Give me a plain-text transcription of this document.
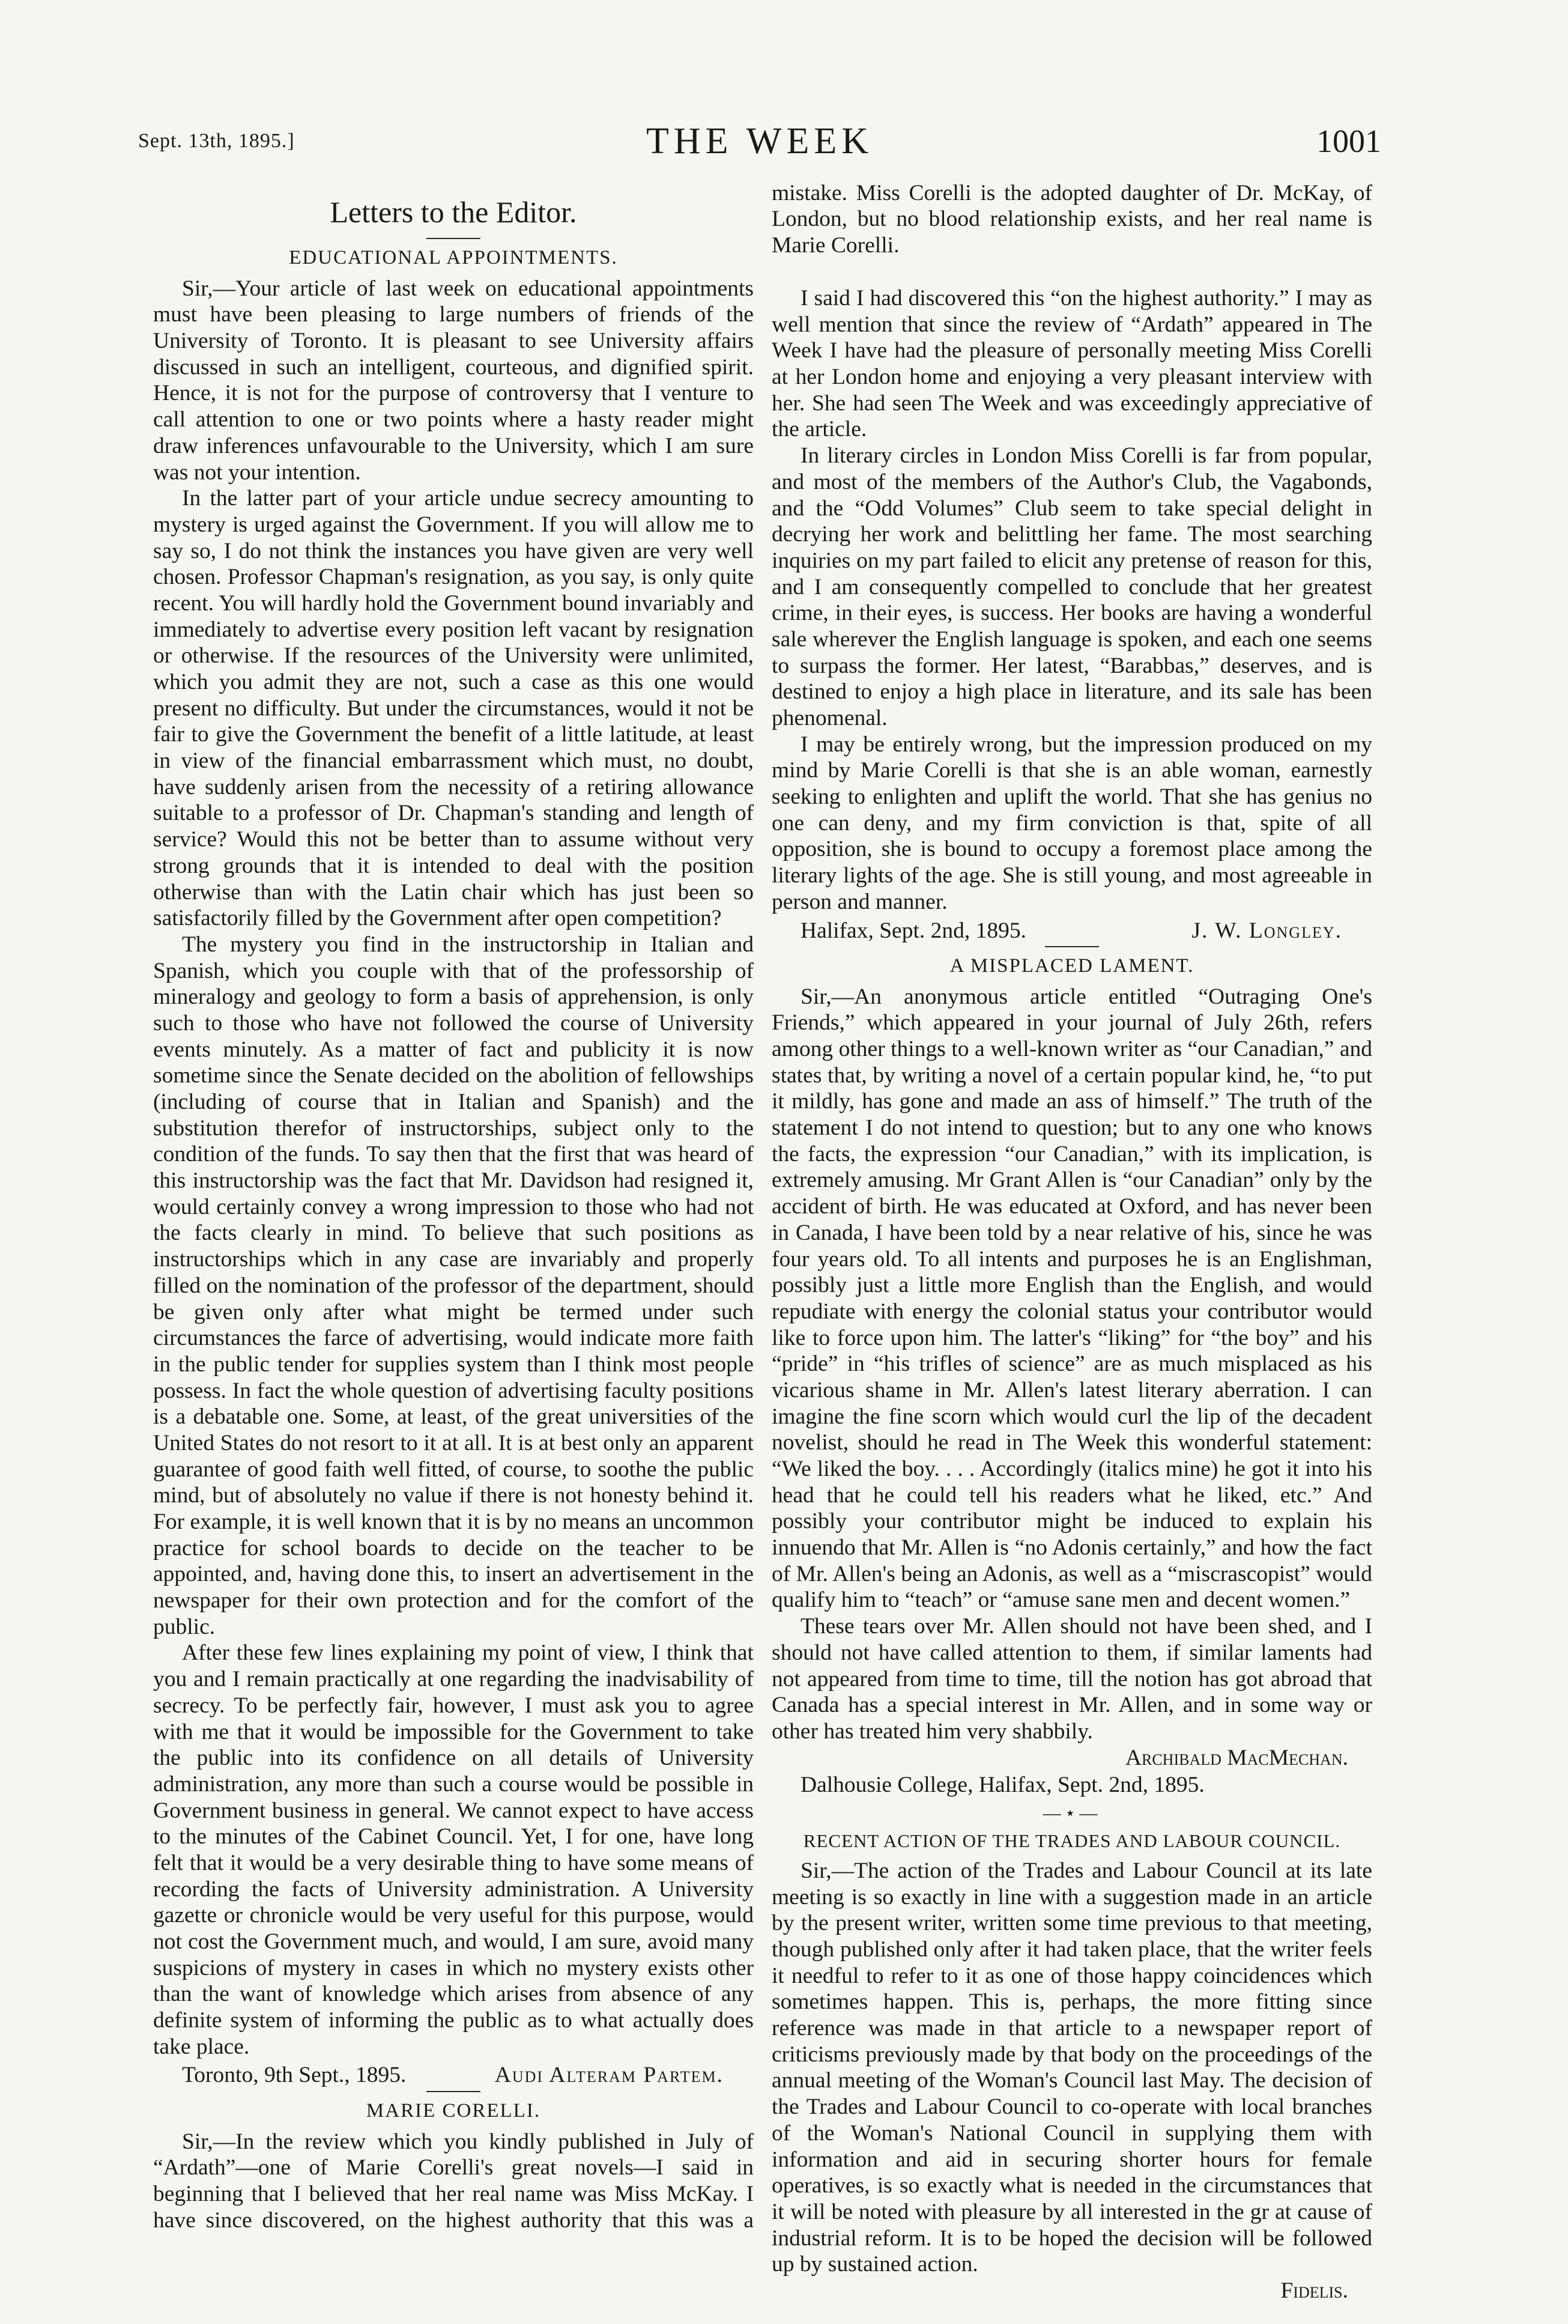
Sept. 13th, 1895.]	THE WEEK	1001
Letters to the Editor.
EDUCATIONAL APPOINTMENTS.

Sir,—Your article of last week on educational appointments must have been pleasing to large numbers of friends of the University of Toronto. It is pleasant to see University affairs discussed in such an intelligent, courteous, and dignified spirit. Hence, it is not for the purpose of controversy that I venture to call attention to one or two points where a hasty reader might draw inferences unfavourable to the University, which I am sure was not your intention.

In the latter part of your article undue secrecy amounting to mystery is urged against the Government. If you will allow me to say so, I do not think the instances you have given are very well chosen. Professor Chapman's resignation, as you say, is only quite recent. You will hardly hold the Government bound invariably and immediately to advertise every position left vacant by resignation or otherwise. If the resources of the University were unlimited, which you admit they are not, such a case as this one would present no difficulty. But under the circumstances, would it not be fair to give the Government the benefit of a little latitude, at least in view of the financial embarrassment which must, no doubt, have suddenly arisen from the necessity of a retiring allowance suitable to a professor of Dr. Chapman's standing and length of service? Would this not be better than to assume without very strong grounds that it is intended to deal with the position otherwise than with the Latin chair which has just been so satisfactorily filled by the Government after open competition?

The mystery you find in the instructorship in Italian and Spanish, which you couple with that of the professorship of mineralogy and geology to form a basis of apprehension, is only such to those who have not followed the course of University events minutely. As a matter of fact and publicity it is now sometime since the Senate decided on the abolition of fellowships (including of course that in Italian and Spanish) and the substitution therefor of instructorships, subject only to the condition of the funds. To say then that the first that was heard of this instructorship was the fact that Mr. Davidson had resigned it, would certainly convey a wrong impression to those who had not the facts clearly in mind. To believe that such positions as instructorships which in any case are invariably and properly filled on the nomination of the professor of the department, should be given only after what might be termed under such circumstances the farce of advertising, would indicate more faith in the public tender for supplies system than I think most people possess. In fact the whole question of advertising faculty positions is a debatable one. Some, at least, of the great universities of the United States do not resort to it at all. It is at best only an apparent guarantee of good faith well fitted, of course, to soothe the public mind, but of absolutely no value if there is not honesty behind it. For example, it is well known that it is by no means an uncommon practice for school boards to decide on the teacher to be appointed, and, having done this, to insert an advertisement in the newspaper for their own protection and for the comfort of the public.

After these few lines explaining my point of view, I think that you and I remain practically at one regarding the inadvisability of secrecy. To be perfectly fair, however, I must ask you to agree with me that it would be impossible for the Government to take the public into its confidence on all details of University administration, any more than such a course would be possible in Government business in general. We cannot expect to have access to the minutes of the Cabinet Council. Yet, I for one, have long felt that it would be a very desirable thing to have some means of recording the facts of University administration. A University gazette or chronicle would be very useful for this purpose, would not cost the Government much, and would, I am sure, avoid many suspicions of mystery in cases in which no mystery exists other than the want of knowledge which arises from absence of any definite system of informing the public as to what actually does take place.

Toronto, 9th Sept., 1895.	Audi Alteram Partem.
MARIE CORELLI.

Sir,—In the review which you kindly published in July of “Ardath”—one of Marie Corelli's great novels—I said in beginning that I believed that her real name was Miss McKay. I have since discovered, on the highest authority that this was a

mistake. Miss Corelli is the adopted daughter of Dr. McKay, of London, but no blood relationship exists, and her real name is Marie Corelli.

I said I had discovered this “on the highest authority.” I may as well mention that since the review of “Ardath” appeared in The Week I have had the pleasure of personally meeting Miss Corelli at her London home and enjoying a very pleasant interview with her. She had seen The Week and was exceedingly appreciative of the article.

In literary circles in London Miss Corelli is far from popular, and most of the members of the Author's Club, the Vagabonds, and the “Odd Volumes” Club seem to take special delight in decrying her work and belittling her fame. The most searching inquiries on my part failed to elicit any pretense of reason for this, and I am consequently compelled to conclude that her greatest crime, in their eyes, is success. Her books are having a wonderful sale wherever the English language is spoken, and each one seems to surpass the former. Her latest, “Barabbas,” deserves, and is destined to enjoy a high place in literature, and its sale has been phenomenal.

I may be entirely wrong, but the impression produced on my mind by Marie Corelli is that she is an able woman, earnestly seeking to enlighten and uplift the world. That she has genius no one can deny, and my firm conviction is that, spite of all opposition, she is bound to occupy a foremost place among the literary lights of the age. She is still young, and most agreeable in person and manner.

Halifax, Sept. 2nd, 1895.	J. W. Longley.
A MISPLACED LAMENT.

Sir,—An anonymous article entitled “Outraging One's Friends,” which appeared in your journal of July 26th, refers among other things to a well-known writer as “our Canadian,” and states that, by writing a novel of a certain popular kind, he, “to put it mildly, has gone and made an ass of himself.” The truth of the statement I do not intend to question; but to any one who knows the facts, the expression “our Canadian,” with its implication, is extremely amusing. Mr Grant Allen is “our Canadian” only by the accident of birth. He was educated at Oxford, and has never been in Canada, I have been told by a near relative of his, since he was four years old. To all intents and purposes he is an Englishman, possibly just a little more English than the English, and would repudiate with energy the colonial status your contributor would like to force upon him. The latter's “liking” for “the boy” and his “pride” in “his trifles of science” are as much misplaced as his vicarious shame in Mr. Allen's latest literary aberration. I can imagine the fine scorn which would curl the lip of the decadent novelist, should he read in The Week this wonderful statement: “We liked the boy. . . . Accordingly (italics mine) he got it into his head that he could tell his readers what he liked, etc.” And possibly your contributor might be induced to explain his innuendo that Mr. Allen is “no Adonis certainly,” and how the fact of Mr. Allen's being an Adonis, as well as a “miscrascopist” would qualify him to “teach” or “amuse sane men and decent women.”

These tears over Mr. Allen should not have been shed, and I should not have called attention to them, if similar laments had not appeared from time to time, till the notion has got abroad that Canada has a special interest in Mr. Allen, and in some way or other has treated him very shabbily.

Archibald MacMechan.

Dalhousie College, Halifax, Sept. 2nd, 1895.

—⋆—
RECENT ACTION OF THE TRADES AND LABOUR COUNCIL.

Sir,—The action of the Trades and Labour Council at its late meeting is so exactly in line with a suggestion made in an article by the present writer, written some time previous to that meeting, though published only after it had taken place, that the writer feels it needful to refer to it as one of those happy coincidences which sometimes happen. This is, perhaps, the more fitting since reference was made in that article to a newspaper report of criticisms previously made by that body on the proceedings of the annual meeting of the Woman's Council last May. The decision of the Trades and Labour Council to co-operate with local branches of the Woman's National Council in supplying them with information and aid in securing shorter hours for female operatives, is so exactly what is needed in the circumstances that it will be noted with pleasure by all interested in the gr at cause of industrial reform. It is to be hoped the decision will be followed up by sustained action.

Fidelis.
